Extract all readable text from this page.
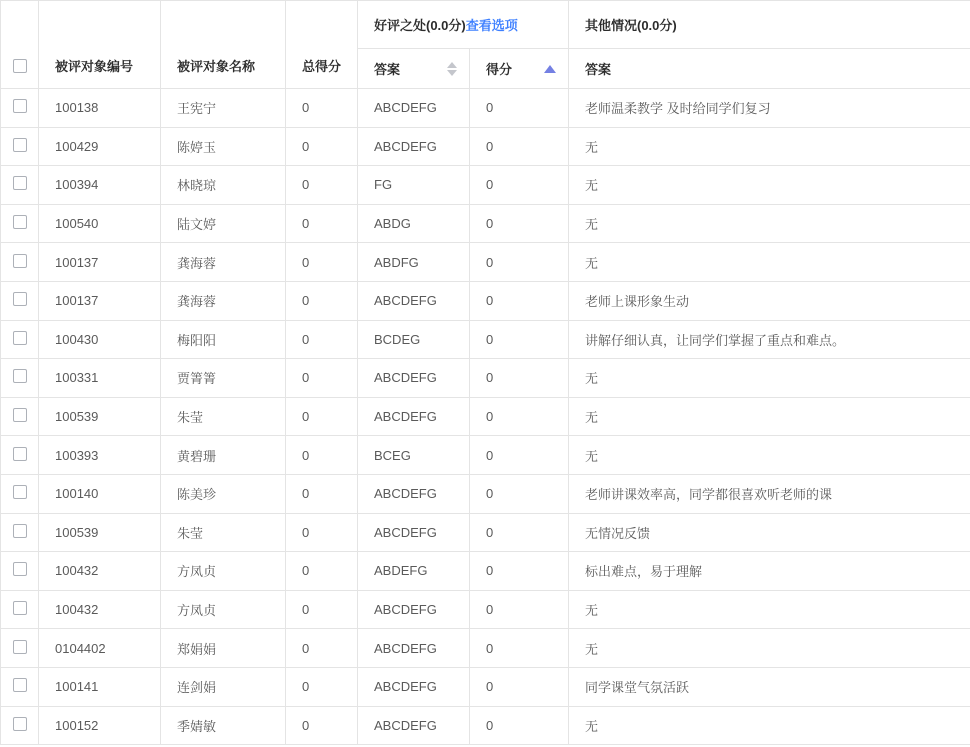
	被评对象编号	被评对象名称	总得分	好评之处(0.0分)查看选项		其他情况(0.0分)

				答案	得分	答案
	100138	王宪宁	0	ABCDEFG	0	老师温柔教学 及时给同学们复习
	100429	陈婷玉	0	ABCDEFG	0	无
	100394	林晓琼	0	FG	0	无
	100540	陆文婷	0	ABDG	0	无
	100137	龚海蓉	0	ABDFG	0	无
	100137	龚海蓉	0	ABCDEFG	0	老师上课形象生动
	100430	梅阳阳	0	BCDEG	0	讲解仔细认真，让同学们掌握了重点和难点。
	100331	贾箐箐	0	ABCDEFG	0	无
	100539	朱莹	0	ABCDEFG	0	无
	100393	黄碧珊	0	BCEG	0	无
	100140	陈美珍	0	ABCDEFG	0	老师讲课效率高，同学都很喜欢听老师的课
	100539	朱莹	0	ABCDEFG	0	无情况反馈
	100432	方凤贞	0	ABDEFG	0	标出难点，易于理解
	100432	方凤贞	0	ABCDEFG	0	无
	0104402	郑娟娟	0	ABCDEFG	0	无
	100141	连剑娟	0	ABCDEFG	0	同学课堂气氛活跃
	100152	季婧敏	0	ABCDEFG	0	无
